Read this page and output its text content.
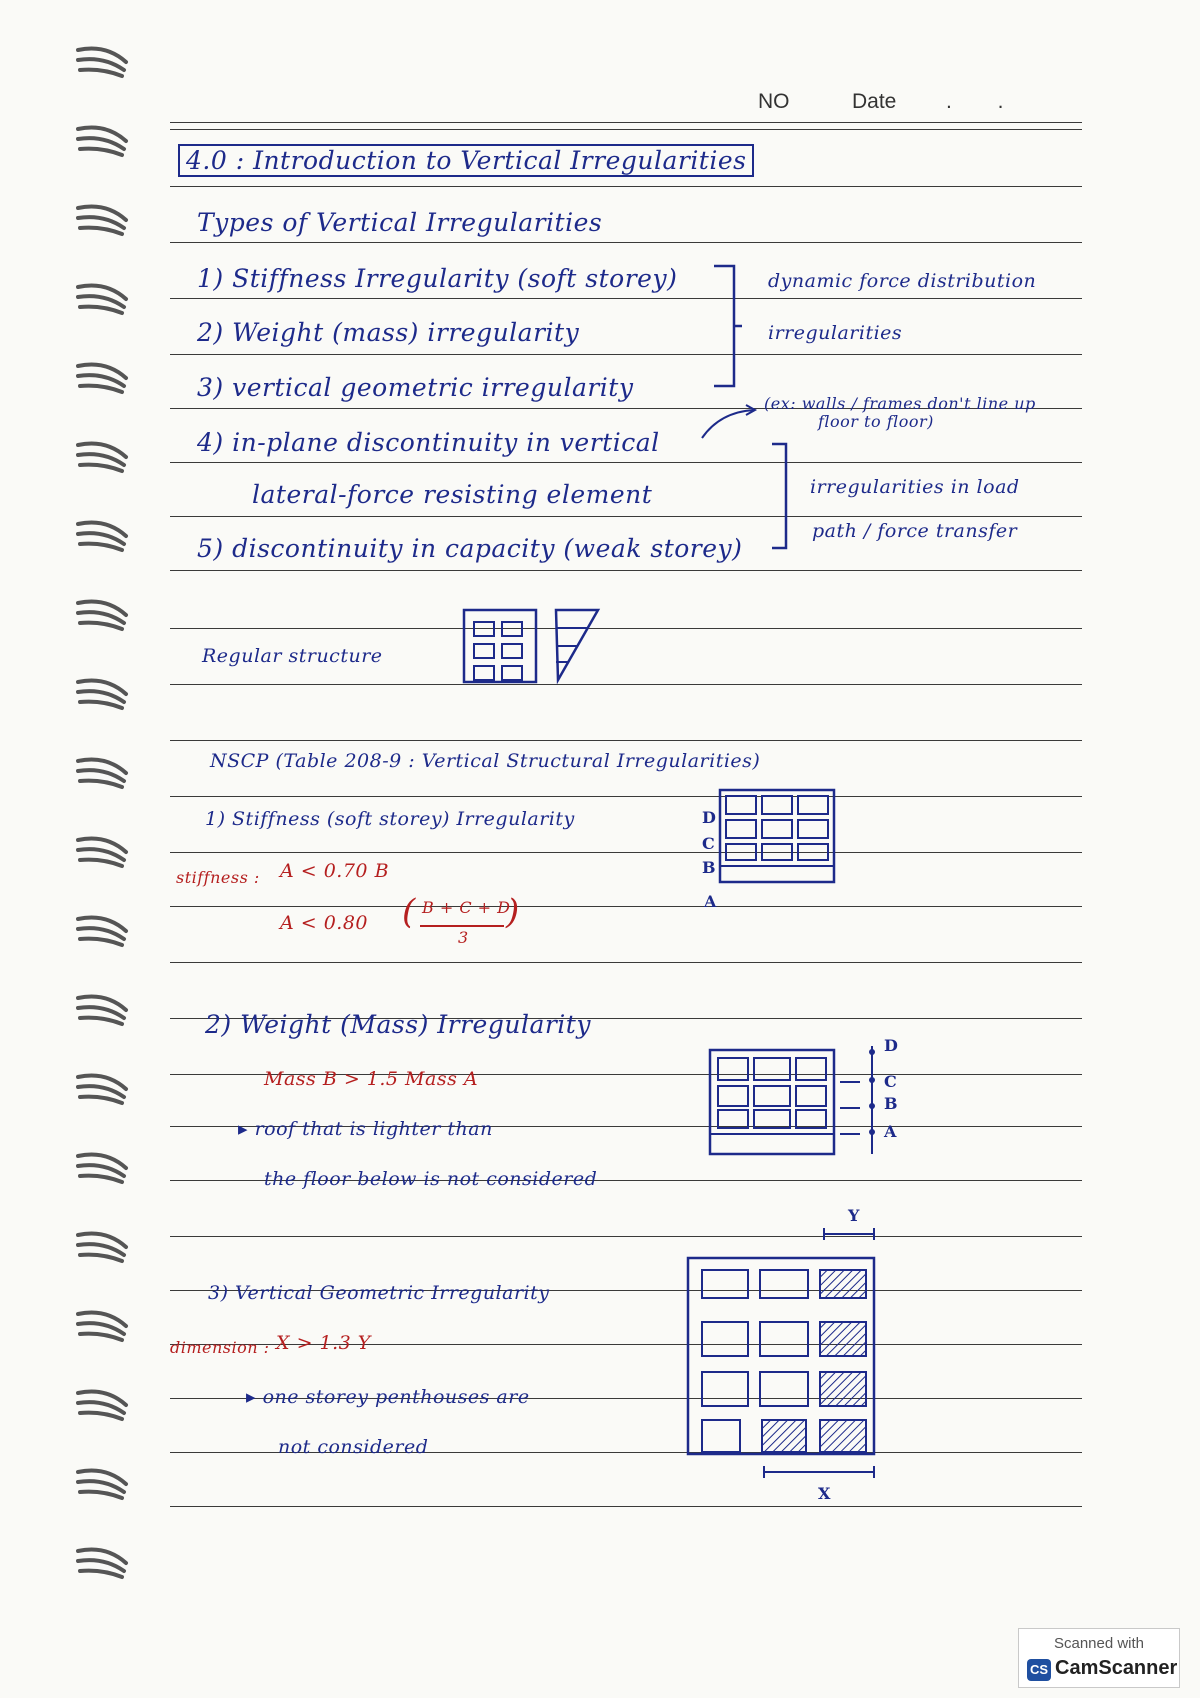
NO	Date . .
4.0 : Introduction to Vertical Irregularities
Types of Vertical Irregularities
1) Stiffness Irregularity (soft storey)
2) Weight (mass) irregularity
3) vertical geometric irregularity
4) in-plane discontinuity in vertical
lateral-force resisting element
5) discontinuity in capacity (weak storey)
dynamic force distribution
irregularities
(ex: walls / frames don't line up
floor to floor)
irregularities in load
path / force transfer
Regular structure
NSCP (Table 208-9 : Vertical Structural Irregularities)
1) Stiffness (soft storey) Irregularity
stiffness : A < 0.70 B
A < 0.80 ( B + C + D
3
)
D
C
B
A
2) Weight (Mass) Irregularity
Mass B > 1.5 Mass A
▸ roof that is lighter than
the floor below is not considered
D
C
B
A
3) Vertical Geometric Irregularity
dimension : X > 1.3 Y
▸ one storey penthouses are
not considered
Y
X
Scanned with
CS CamScanner
